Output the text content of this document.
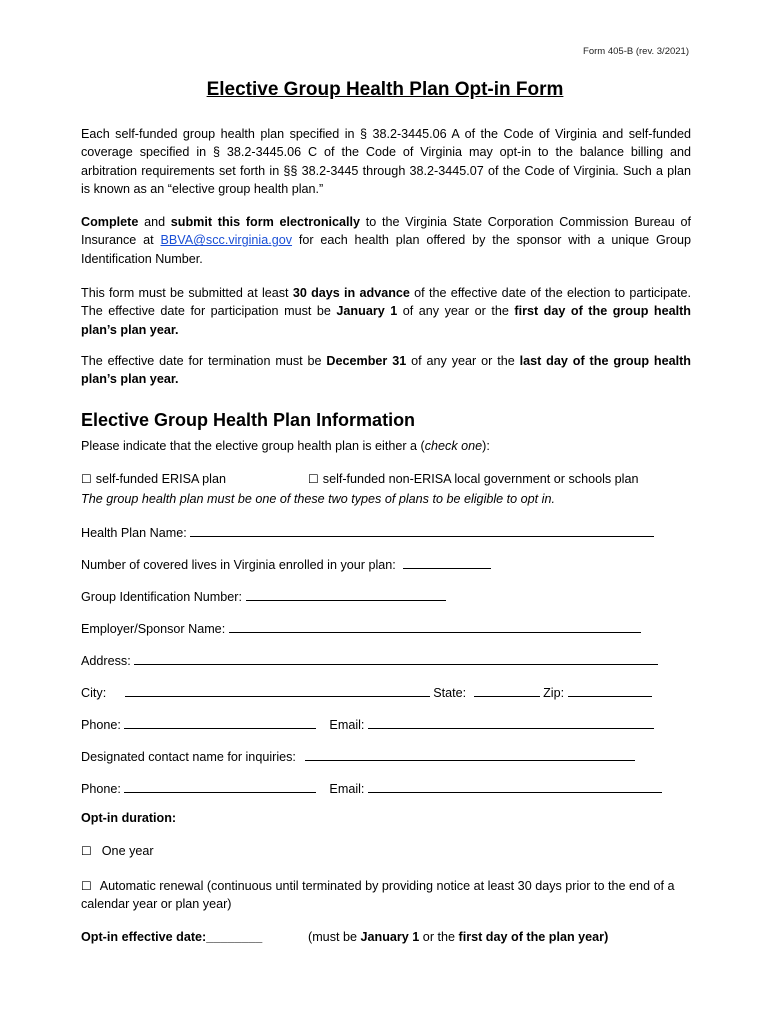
Form 405-B (rev. 3/2021)
Elective Group Health Plan Opt-in Form
Each self-funded group health plan specified in § 38.2-3445.06 A of the Code of Virginia and self-funded coverage specified in § 38.2-3445.06 C of the Code of Virginia may opt-in to the balance billing and arbitration requirements set forth in §§ 38.2-3445 through 38.2-3445.07 of the Code of Virginia. Such a plan is known as an “elective group health plan.”
Complete and submit this form electronically to the Virginia State Corporation Commission Bureau of Insurance at BBVA@scc.virginia.gov for each health plan offered by the sponsor with a unique Group Identification Number.
This form must be submitted at least 30 days in advance of the effective date of the election to participate. The effective date for participation must be January 1 of any year or the first day of the group health plan’s plan year.
The effective date for termination must be December 31 of any year or the last day of the group health plan’s plan year.
Elective Group Health Plan Information
Please indicate that the elective group health plan is either a (check one):
☐ self-funded ERISA plan	☐ self-funded non-ERISA local government or schools plan
The group health plan must be one of these two types of plans to be eligible to opt in.
Health Plan Name:
Number of covered lives in Virginia enrolled in your plan:
Group Identification Number:
Employer/Sponsor Name:
Address:
City:	State:	Zip:
Phone:	Email:
Designated contact name for inquiries:
Phone:	Email:
Opt-in duration:
☐ One year
☐ Automatic renewal (continuous until terminated by providing notice at least 30 days prior to the end of a calendar year or plan year)
Opt-in effective date:________	(must be January 1 or the first day of the plan year)
